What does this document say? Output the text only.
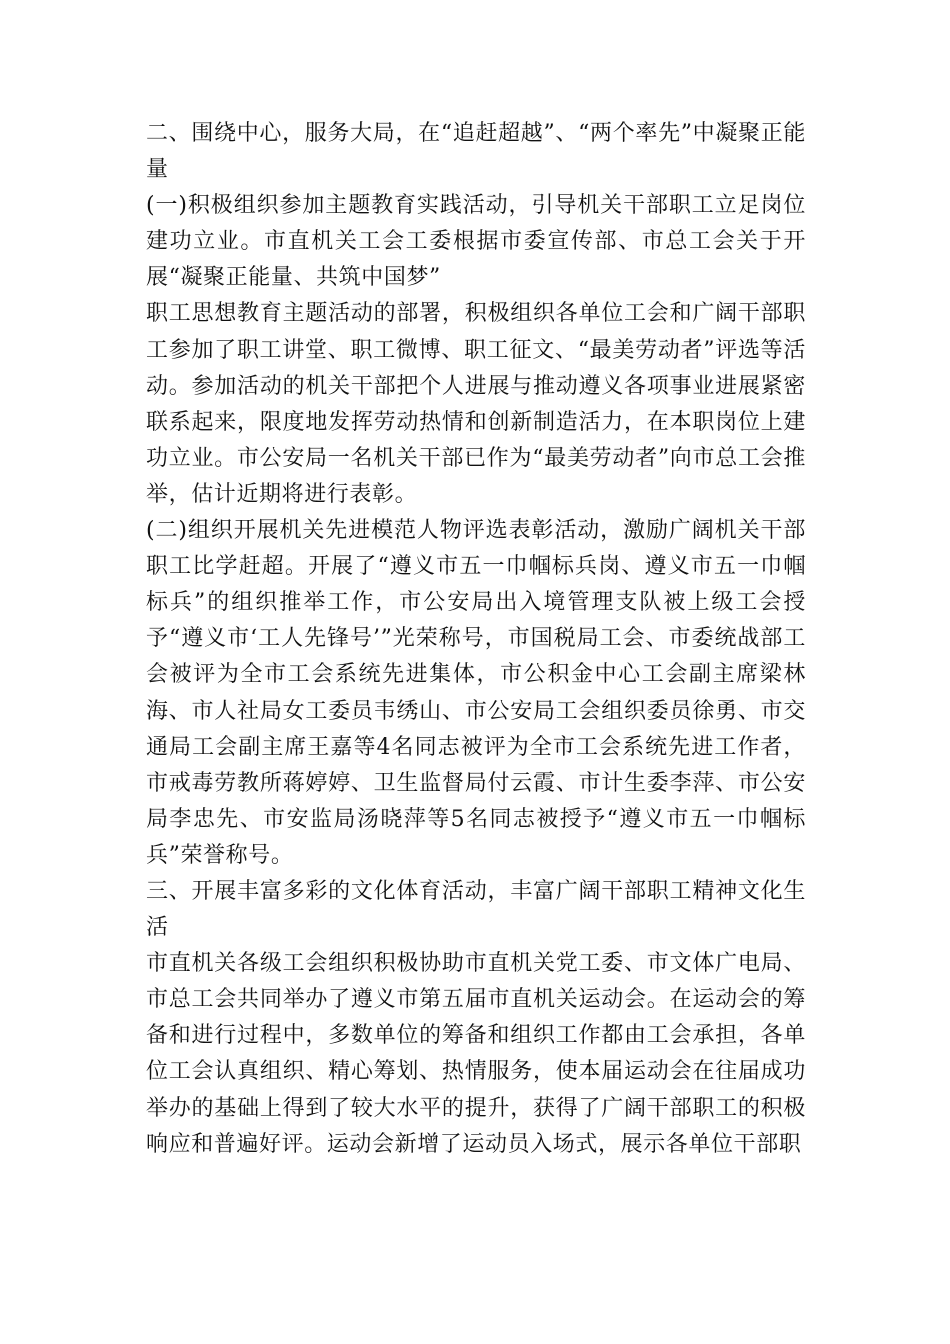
二、围绕中心，服务大局，在“追赶超越”、“两个率先”中凝聚正能量

(一)积极组织参加主题教育实践活动，引导机关干部职工立足岗位建功立业。市直机关工会工委根据市委宣传部、市总工会关于开展“凝聚正能量、共筑中国梦”

职工思想教育主题活动的部署，积极组织各单位工会和广阔干部职工参加了职工讲堂、职工微博、职工征文、“最美劳动者”评选等活动。参加活动的机关干部把个人进展与推动遵义各项事业进展紧密联系起来，限度地发挥劳动热情和创新制造活力，在本职岗位上建功立业。市公安局一名机关干部已作为“最美劳动者”向市总工会推举，估计近期将进行表彰。

(二)组织开展机关先进模范人物评选表彰活动，激励广阔机关干部职工比学赶超。开展了“遵义市五一巾帼标兵岗、遵义市五一巾帼标兵”的组织推举工作，市公安局出入境管理支队被上级工会授予“遵义市‘工人先锋号’”光荣称号，市国税局工会、市委统战部工会被评为全市工会系统先进集体，市公积金中心工会副主席梁林海、市人社局女工委员韦绣山、市公安局工会组织委员徐勇、市交通局工会副主席王嘉等4名同志被评为全市工会系统先进工作者，市戒毒劳教所蒋婷婷、卫生监督局付云霞、市计生委李萍、市公安局李忠先、市安监局汤晓萍等5名同志被授予“遵义市五一巾帼标兵”荣誉称号。

三、开展丰富多彩的文化体育活动，丰富广阔干部职工精神文化生活

市直机关各级工会组织积极协助市直机关党工委、市文体广电局、市总工会共同举办了遵义市第五届市直机关运动会。在运动会的筹备和进行过程中，多数单位的筹备和组织工作都由工会承担，各单位工会认真组织、精心筹划、热情服务，使本届运动会在往届成功举办的基础上得到了较大水平的提升，获得了广阔干部职工的积极响应和普遍好评。运动会新增了运动员入场式，展示各单位干部职
